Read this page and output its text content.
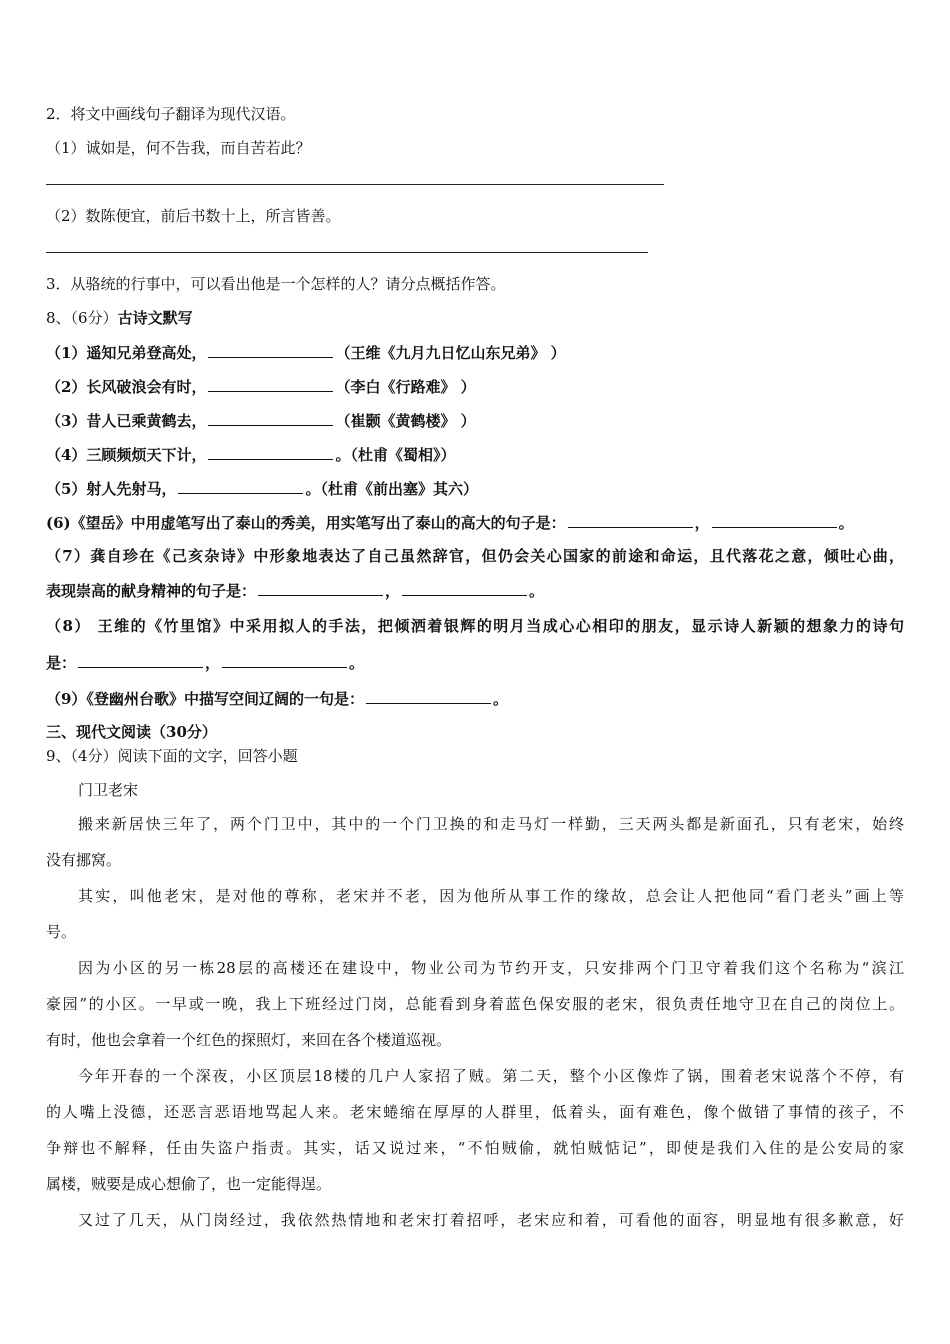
2．将文中画线句子翻译为现代汉语。
（1）诚如是，何不告我，而自苦若此？
（2）数陈便宜，前后书数十上，所言皆善。
3．从骆统的行事中，可以看出他是一个怎样的人？请分点概括作答。
8、（6分）古诗文默写
（1）遥知兄弟登高处，	（王维《九月九日忆山东兄弟》 ）
（2）长风破浪会有时，	（李白《行路难》 ）
（3）昔人已乘黄鹤去，	（崔颢《黄鹤楼》 ）
（4）三顾频烦天下计，	。（杜甫《蜀相》）
（5）射人先射马，	。（杜甫《前出塞》其六）
(6)《望岳》中用虚笔写出了泰山的秀美，用实笔写出了泰山的高大的句子是：	，	。
（7）龚自珍在《己亥杂诗》中形象地表达了自己虽然辞官，但仍会关心国家的前途和命运，且代落花之意，倾吐心曲，
表现崇高的献身精神的句子是：	，	。
（8） 王维的《竹里馆》中采用拟人的手法，把倾洒着银辉的明月当成心心相印的朋友，显示诗人新颖的想象力的诗句
是：	，	。
（9）《登幽州台歌》中描写空间辽阔的一句是：	。
三、现代文阅读（30分）
9、（4分）阅读下面的文字，回答小题
门卫老宋
搬来新居快三年了，两个门卫中，其中的一个门卫换的和走马灯一样勤，三天两头都是新面孔，只有老宋，始终
没有挪窝。
其实，叫他老宋，是对他的尊称，老宋并不老，因为他所从事工作的缘故，总会让人把他同“看门老头”画上等
号。
因为小区的另一栋28层的高楼还在建设中，物业公司为节约开支，只安排两个门卫守着我们这个名称为“滨江
豪园”的小区。一早或一晚，我上下班经过门岗，总能看到身着蓝色保安服的老宋，很负责任地守卫在自己的岗位上。
有时，他也会拿着一个红色的探照灯，来回在各个楼道巡视。
今年开春的一个深夜，小区顶层18楼的几户人家招了贼。第二天，整个小区像炸了锅，围着老宋说落个不停，有
的人嘴上没德，还恶言恶语地骂起人来。老宋蜷缩在厚厚的人群里，低着头，面有难色，像个做错了事情的孩子，不
争辩也不解释，任由失盗户指责。其实，话又说过来，“不怕贼偷，就怕贼惦记”，即使是我们入住的是公安局的家
属楼，贼要是成心想偷了，也一定能得逞。
又过了几天，从门岗经过，我依然热情地和老宋打着招呼，老宋应和着，可看他的面容，明显地有很多歉意，好
